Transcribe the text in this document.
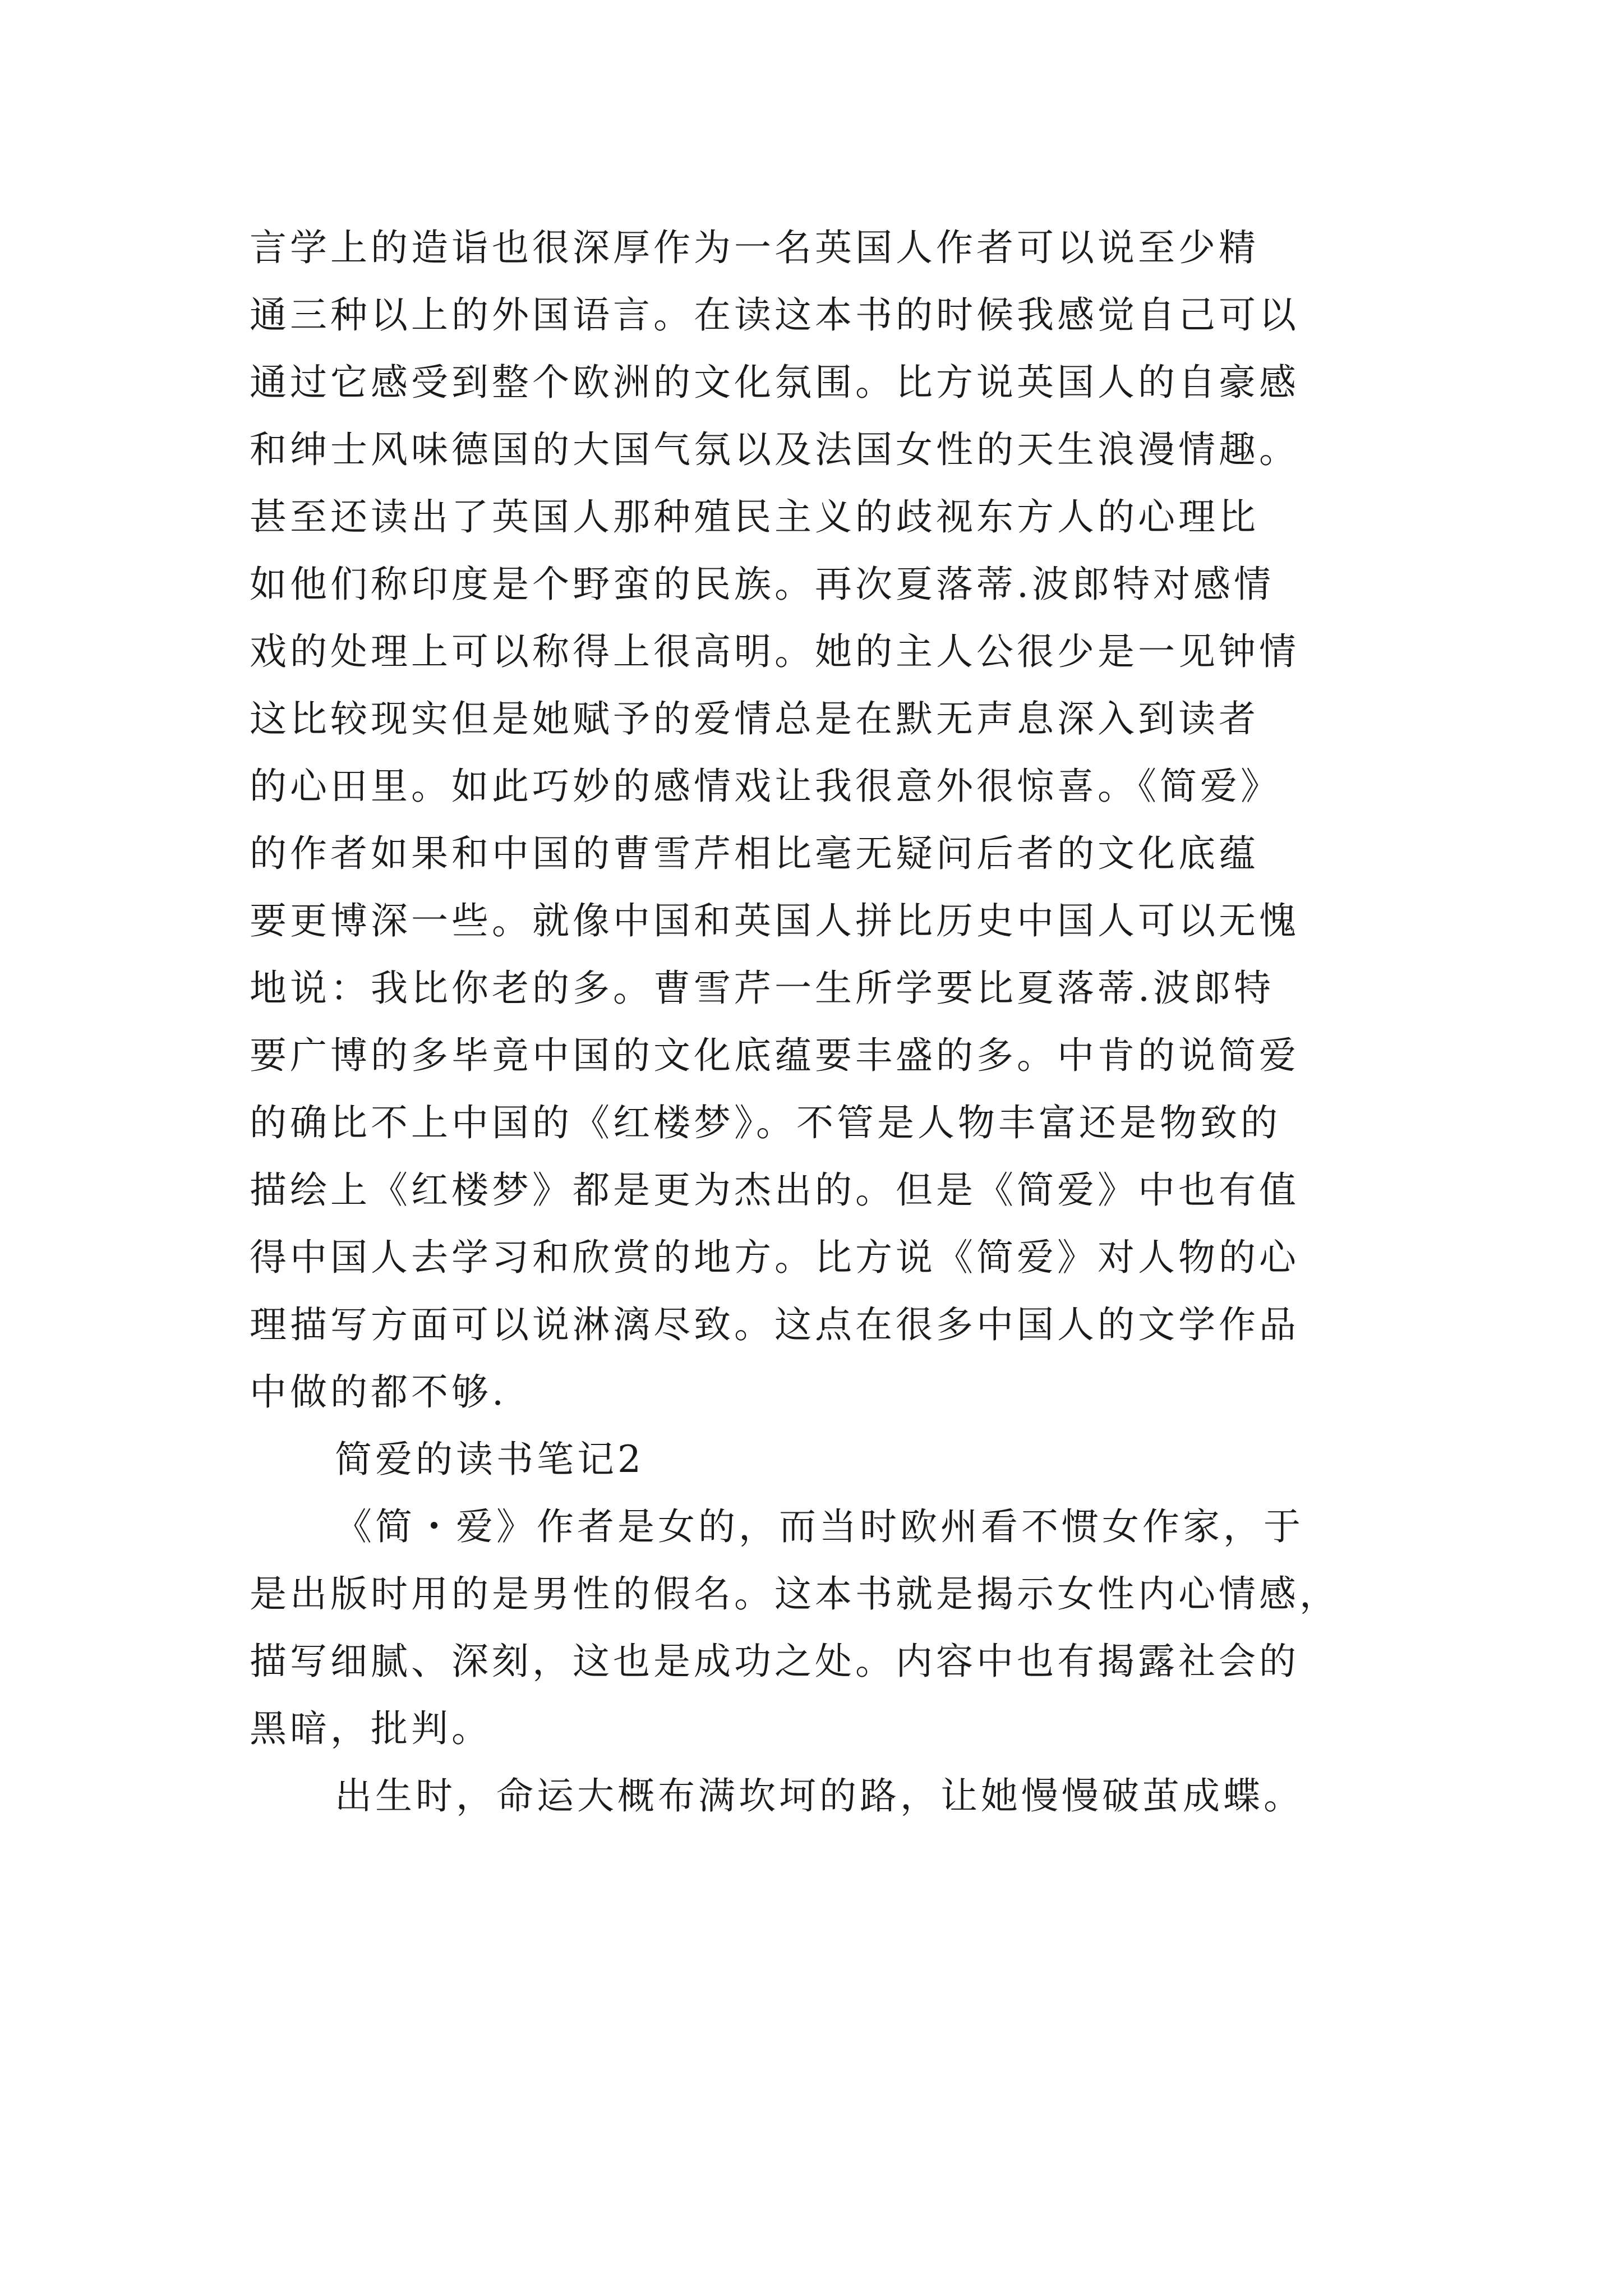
言学上的造诣也很深厚作为一名英国人作者可以说至少精
通三种以上的外国语言。在读这本书的时候我感觉自己可以
通过它感受到整个欧洲的文化氛围。比方说英国人的自豪感
和绅士风味德国的大国气氛以及法国女性的天生浪漫情趣。
甚至还读出了英国人那种殖民主义的歧视东方人的心理比
如他们称印度是个野蛮的民族。再次夏落蒂.波郎特对感情
戏的处理上可以称得上很高明。她的主人公很少是一见钟情
这比较现实但是她赋予的爱情总是在默无声息深入到读者
的心田里。如此巧妙的感情戏让我很意外很惊喜。《简爱》
的作者如果和中国的曹雪芹相比毫无疑问后者的文化底蕴
要更博深一些。就像中国和英国人拼比历史中国人可以无愧
地说：我比你老的多。曹雪芹一生所学要比夏落蒂.波郎特
要广博的多毕竟中国的文化底蕴要丰盛的多。中肯的说简爱
的确比不上中国的《红楼梦》。不管是人物丰富还是物致的
描绘上《红楼梦》都是更为杰出的。但是《简爱》中也有值
得中国人去学习和欣赏的地方。比方说《简爱》对人物的心
理描写方面可以说淋漓尽致。这点在很多中国人的文学作品
中做的都不够.
简爱的读书笔记2
《简・爱》作者是女的，而当时欧州看不惯女作家，于
是出版时用的是男性的假名。这本书就是揭示女性内心情感，
描写细腻、深刻，这也是成功之处。内容中也有揭露社会的
黑暗，批判。
出生时，命运大概布满坎坷的路，让她慢慢破茧成蝶。
